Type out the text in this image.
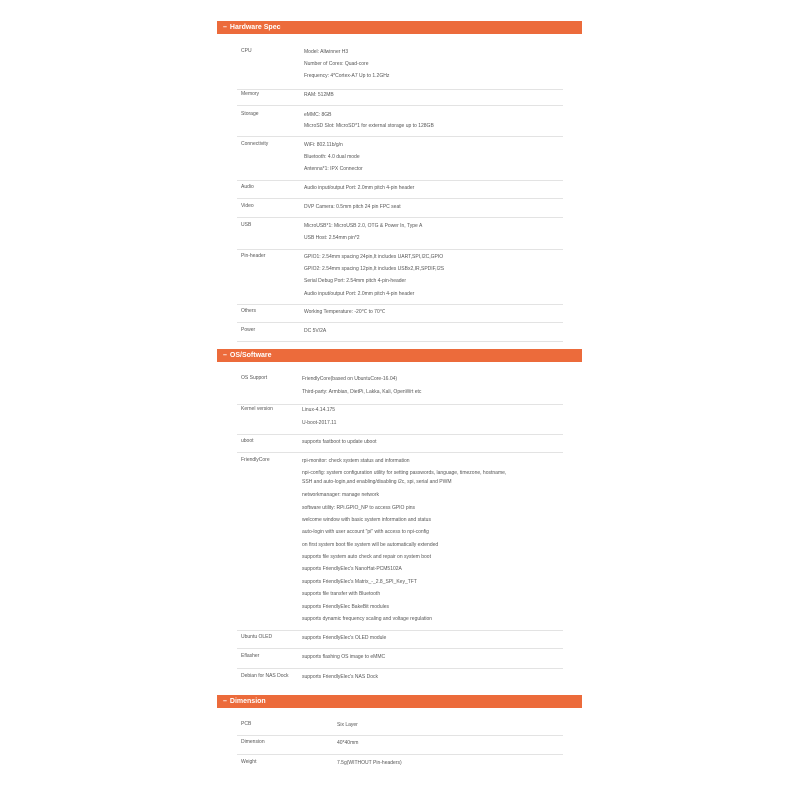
– Hardware Spec
CPU	Model: Allwinner H3
Number of Cores: Quad-core
Frequency: 4*Cortex-A7 Up to 1.2GHz
Memory	RAM: 512MB
Storage	eMMC: 8GB
MicroSD Slot: MicroSD*1 for external storage up to 128GB
Connectivity	WiFi: 802.11b/g/n
Bluetooth: 4.0 dual mode
Antenna*1: IPX Connector
Audio	Audio input/output Port: 2.0mm pitch 4-pin header
Video	DVP Camera: 0.5mm pitch 24 pin FPC seat
USB	MicroUSB*1: MicroUSB 2.0, OTG & Power In, Type A
USB Host: 2.54mm pin*2
Pin-header	GPIO1: 2.54mm spacing 24pin,It includes UART,SPI,I2C,GPIO
GPIO2: 2.54mm spacing 12pin,It includes USBx2,IR,SPDIF,I2S
Serial Debug Port: 2.54mm pitch 4-pin-header
Audio input/output Port: 2.0mm pitch 4-pin header
Others	Working Temperature: -20℃ to 70℃
Power	DC 5V/2A
– OS/Software
OS Support	FriendlyCore(based on UbuntuCore-16.04)
Third-party: Armbian, DietPi, Lakka, Kali, OpenWrt etc
Kernel version	Linux-4.14.175
U-boot-2017.11
uboot	supports fastboot to update uboot
FriendlyCore	rpi-monitor: check system status and information
npi-config: system configuration utility for setting passwords, language, timezone, hostname,
SSH and auto-login,and enabling/disabling i2c, spi, serial and PWM
networkmanager: manage network
software utility: RPi.GPIO_NP to access GPIO pins
welcome window with basic system information and status
auto-login with user account "pi" with access to npi-config
on first system boot file system will be automatically extended
supports file system auto check and repair on system boot
supports FriendlyElec's NanoHat-PCM5102A
supports FriendlyElec's Matrix_-_2.8_SPI_Key_TFT
supports file transfer with Bluetooth
supports FriendlyElec BakeBit modules
supports dynamic frequency scaling and voltage regulation
Ubuntu OLED	supports FriendlyElec's OLED module
Eflasher	supports flashing OS image to eMMC
Debian for NAS Dock	supports FriendlyElec's NAS Dock
– Dimension
PCB	Six Layer
Dimension	40*40mm
Weight	7.5g(WITHOUT Pin-headers)
